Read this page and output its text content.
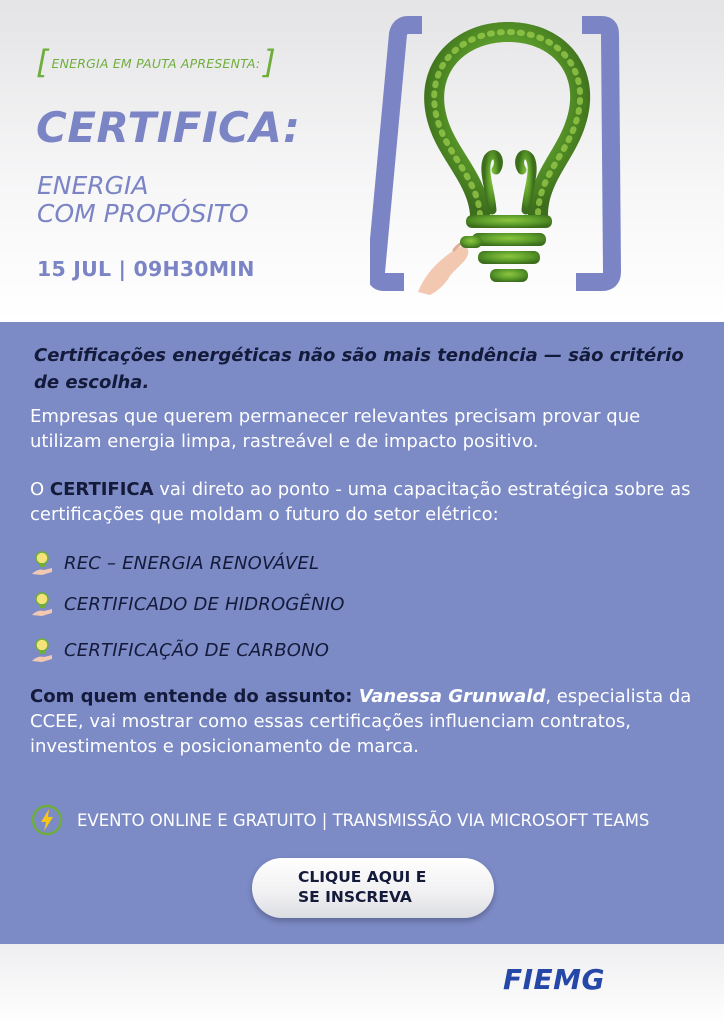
[ ENERGIA EM PAUTA APRESENTA: ]
CERTIFICA:
ENERGIA
COM PROPÓSITO
15 JUL | 09H30MIN
Certificações energéticas não são mais tendência — são critério de escolha.
Empresas que querem permanecer relevantes precisam provar que utilizam energia limpa, rastreável e de impacto positivo.
O CERTIFICA vai direto ao ponto - uma capacitação estratégica sobre as certificações que moldam o futuro do setor elétrico:
REC – ENERGIA RENOVÁVEL
CERTIFICADO DE HIDROGÊNIO
CERTIFICAÇÃO DE CARBONO
Com quem entende do assunto: Vanessa Grunwald, especialista da CCEE, vai mostrar como essas certificações influenciam contratos, investimentos e posicionamento de marca.
EVENTO ONLINE E GRATUITO | TRANSMISSÃO VIA MICROSOFT TEAMS
CLIQUE AQUI E
SE INSCREVA
FIEMG
